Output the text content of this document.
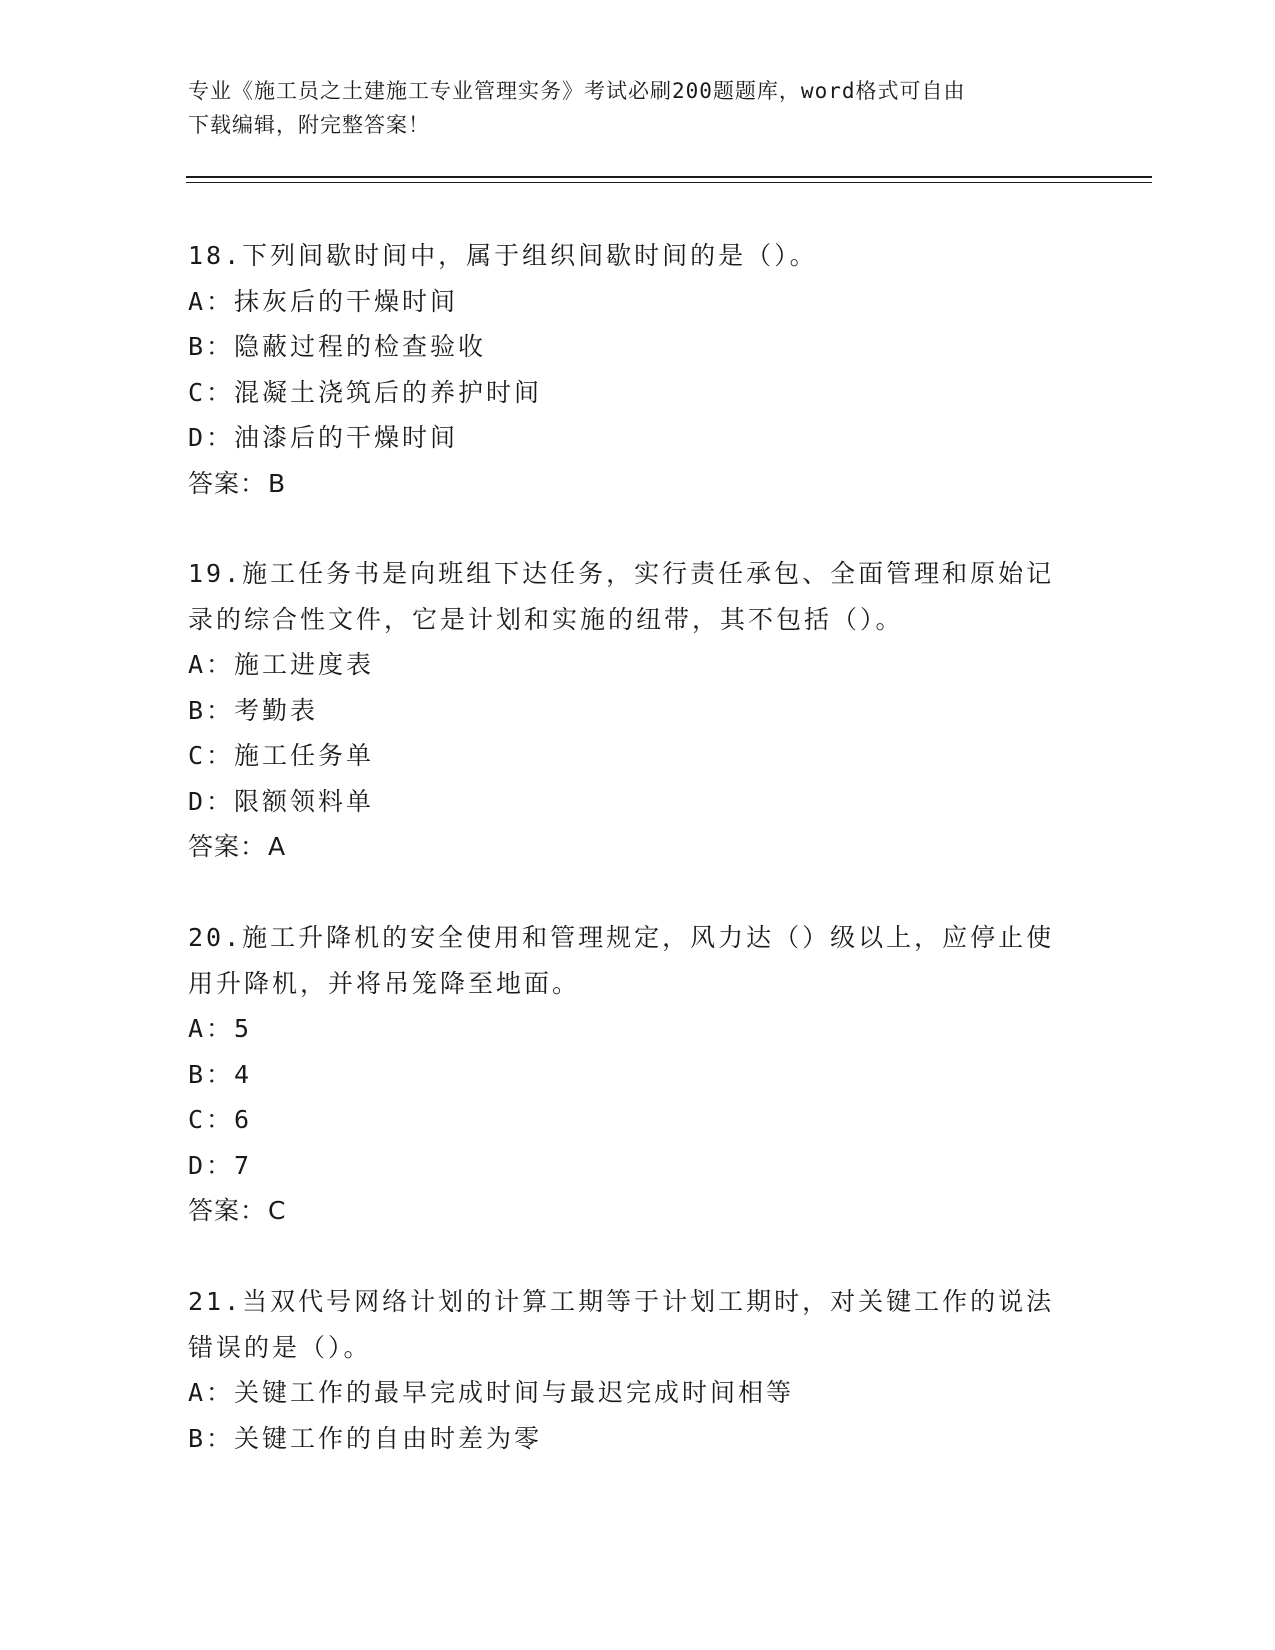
专业《施工员之土建施工专业管理实务》考试必刷200题题库，word格式可自由
下载编辑，附完整答案！
18.下列间歇时间中，属于组织间歇时间的是（）。
A：抹灰后的干燥时间
B：隐蔽过程的检查验收
C：混凝土浇筑后的养护时间
D：油漆后的干燥时间
答案：B
19.施工任务书是向班组下达任务，实行责任承包、全面管理和原始记录的综合性文件，它是计划和实施的纽带，其不包括（）。
A：施工进度表
B：考勤表
C：施工任务单
D：限额领料单
答案：A
20.施工升降机的安全使用和管理规定，风力达（）级以上，应停止使用升降机，并将吊笼降至地面。
A：5
B：4
C：6
D：7
答案：C
21.当双代号网络计划的计算工期等于计划工期时，对关键工作的说法错误的是（）。
A：关键工作的最早完成时间与最迟完成时间相等
B：关键工作的自由时差为零
